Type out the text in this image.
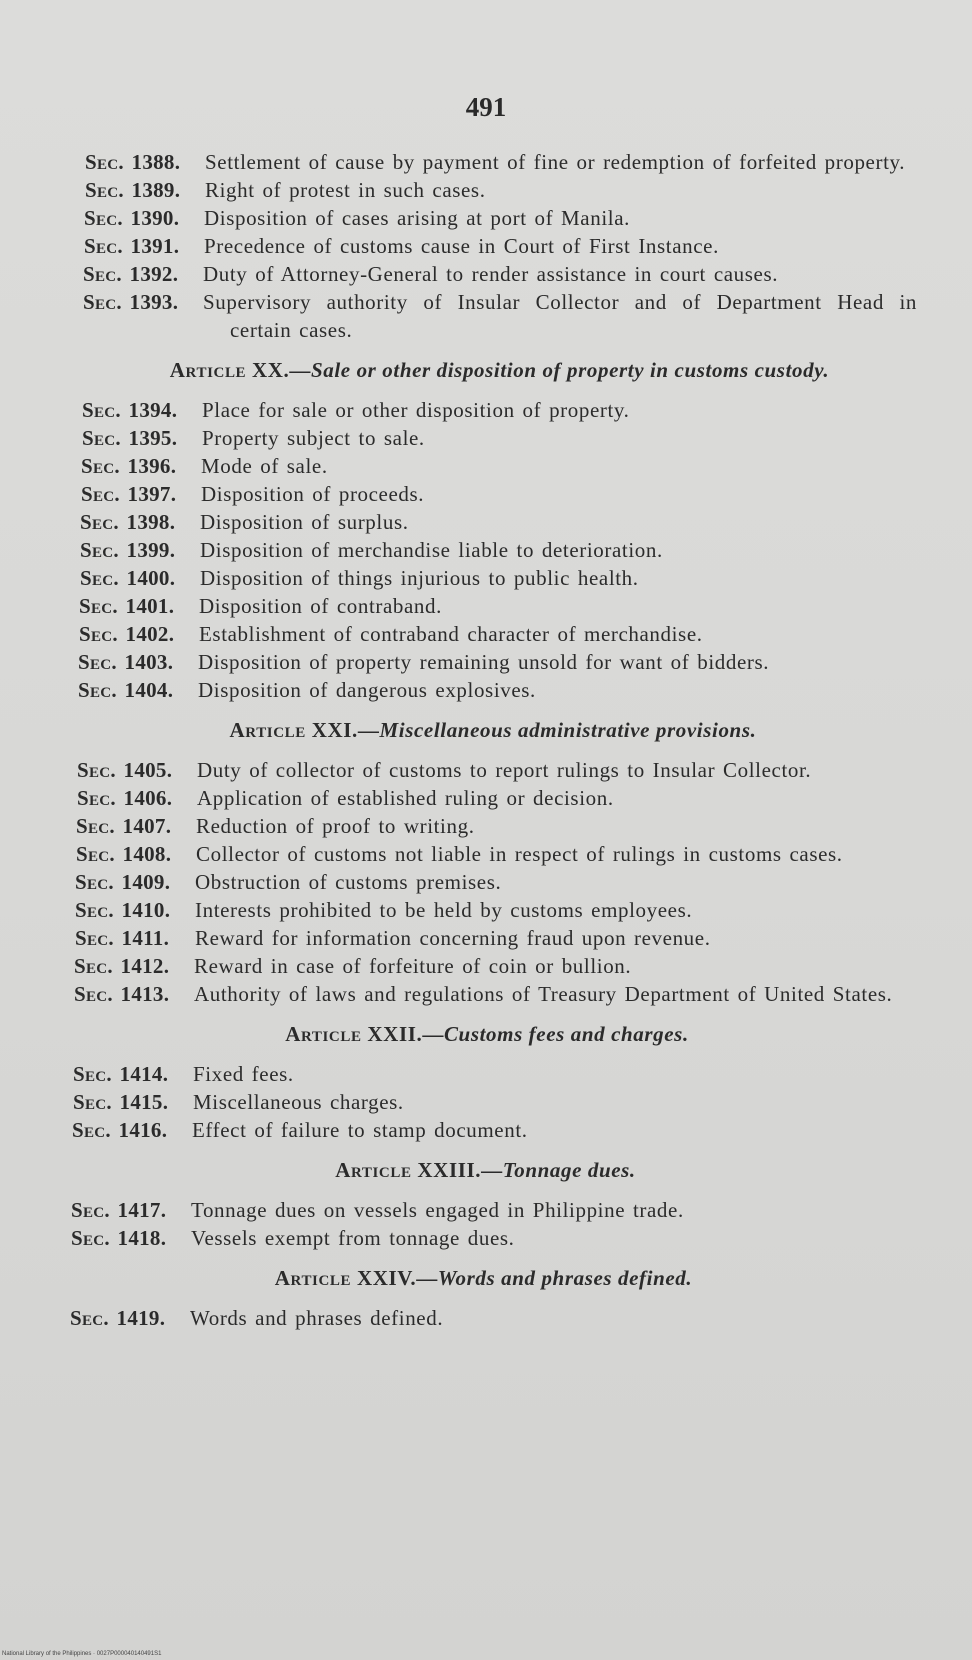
491
Sec. 1388.	Settlement of cause by payment of fine or redemption of forfeited property.
Sec. 1389.	Right of protest in such cases.
Sec. 1390.	Disposition of cases arising at port of Manila.
Sec. 1391.	Precedence of customs cause in Court of First Instance.
Sec. 1392.	Duty of Attorney-General to render assistance in court causes.
Sec. 1393.	Supervisory authority of Insular Collector and of Department Head in certain cases.
Article XX.—Sale or other disposition of property in customs custody.
Sec. 1394.	Place for sale or other disposition of property.
Sec. 1395.	Property subject to sale.
Sec. 1396.	Mode of sale.
Sec. 1397.	Disposition of proceeds.
Sec. 1398.	Disposition of surplus.
Sec. 1399.	Disposition of merchandise liable to deterioration.
Sec. 1400.	Disposition of things injurious to public health.
Sec. 1401.	Disposition of contraband.
Sec. 1402.	Establishment of contraband character of merchandise.
Sec. 1403.	Disposition of property remaining unsold for want of bidders.
Sec. 1404.	Disposition of dangerous explosives.
Article XXI.—Miscellaneous administrative provisions.
Sec. 1405.	Duty of collector of customs to report rulings to Insular Collector.
Sec. 1406.	Application of established ruling or decision.
Sec. 1407.	Reduction of proof to writing.
Sec. 1408.	Collector of customs not liable in respect of rulings in customs cases.
Sec. 1409.	Obstruction of customs premises.
Sec. 1410.	Interests prohibited to be held by customs employees.
Sec. 1411.	Reward for information concerning fraud upon revenue.
Sec. 1412.	Reward in case of forfeiture of coin or bullion.
Sec. 1413.	Authority of laws and regulations of Treasury Department of United States.
Article XXII.—Customs fees and charges.
Sec. 1414.	Fixed fees.
Sec. 1415.	Miscellaneous charges.
Sec. 1416.	Effect of failure to stamp document.
Article XXIII.—Tonnage dues.
Sec. 1417.	Tonnage dues on vessels engaged in Philippine trade.
Sec. 1418.	Vessels exempt from tonnage dues.
Article XXIV.—Words and phrases defined.
Sec. 1419.	Words and phrases defined.
National Library of the Philippines · 0027P000040140491S1
